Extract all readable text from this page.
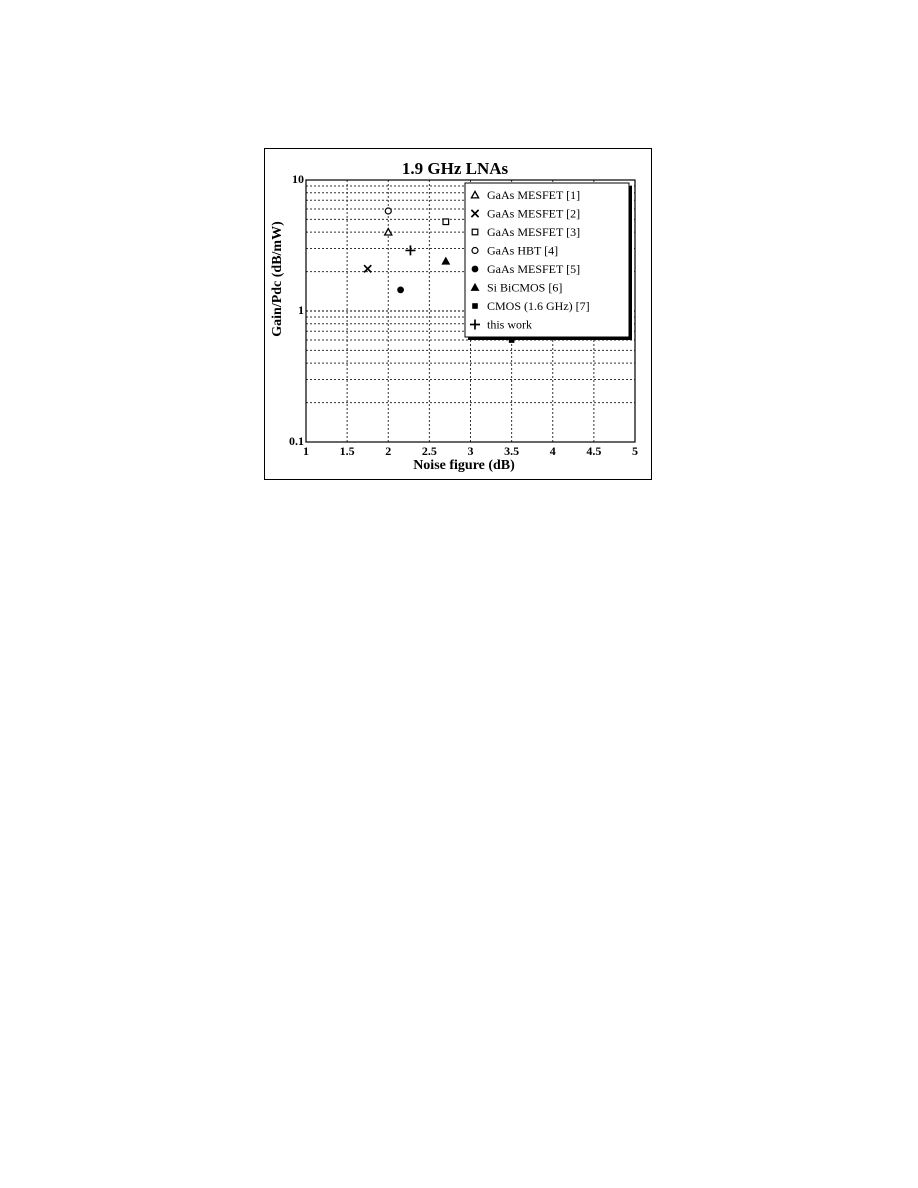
1.9 GHz LNAs
Noise figure (dB)
Gain/Pdc (dB/mW)
1	1.5	2	2.5	3	3.5	4	4.5	5
0.1
1
10
GaAs MESFET [1]
GaAs MESFET [2]
GaAs MESFET [3]
GaAs HBT [4]
GaAs MESFET [5]
Si BiCMOS [6]
CMOS (1.6 GHz) [7]
this work
